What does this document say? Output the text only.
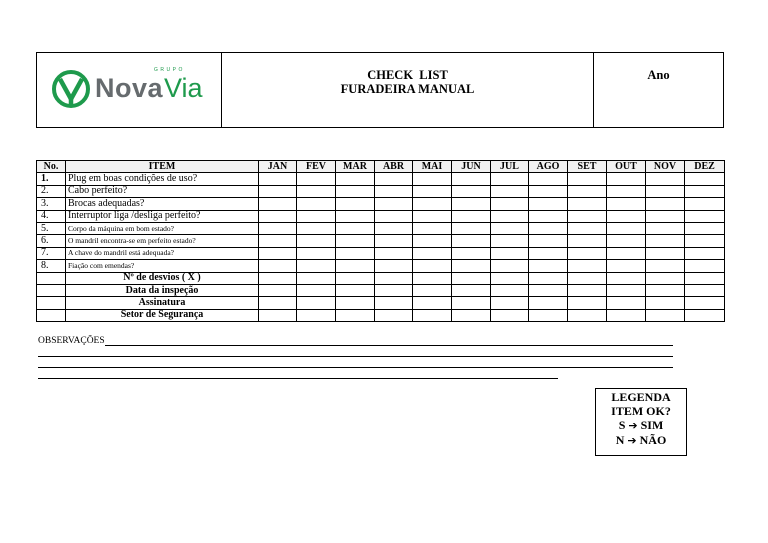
GRUPO
NovaVia	CHECK  LIST
FURADEIRA MANUAL
Ano
No.	ITEM	JAN	FEV	MAR	ABR	MAI	JUN	JUL	AGO	SET	OUT	NOV	DEZ
1.	Plug em boas condições de uso?												
2.	Cabo perfeito?												
3.	Brocas adequadas?												
4.	Interruptor liga /desliga perfeito?												
5.	Corpo da máquina em bom estado?												
6.	O mandril encontra-se em perfeito estado?												
7.	A chave do mandril está adequada?												
8.	Fiação com emendas?												
	Nº de desvios ( X )												
	Data da inspeção												
	Assinatura												
	Setor de Segurança												
OBSERVAÇÕES
LEGENDA
ITEM OK?
S ➔ SIM
N ➔ NÃO
